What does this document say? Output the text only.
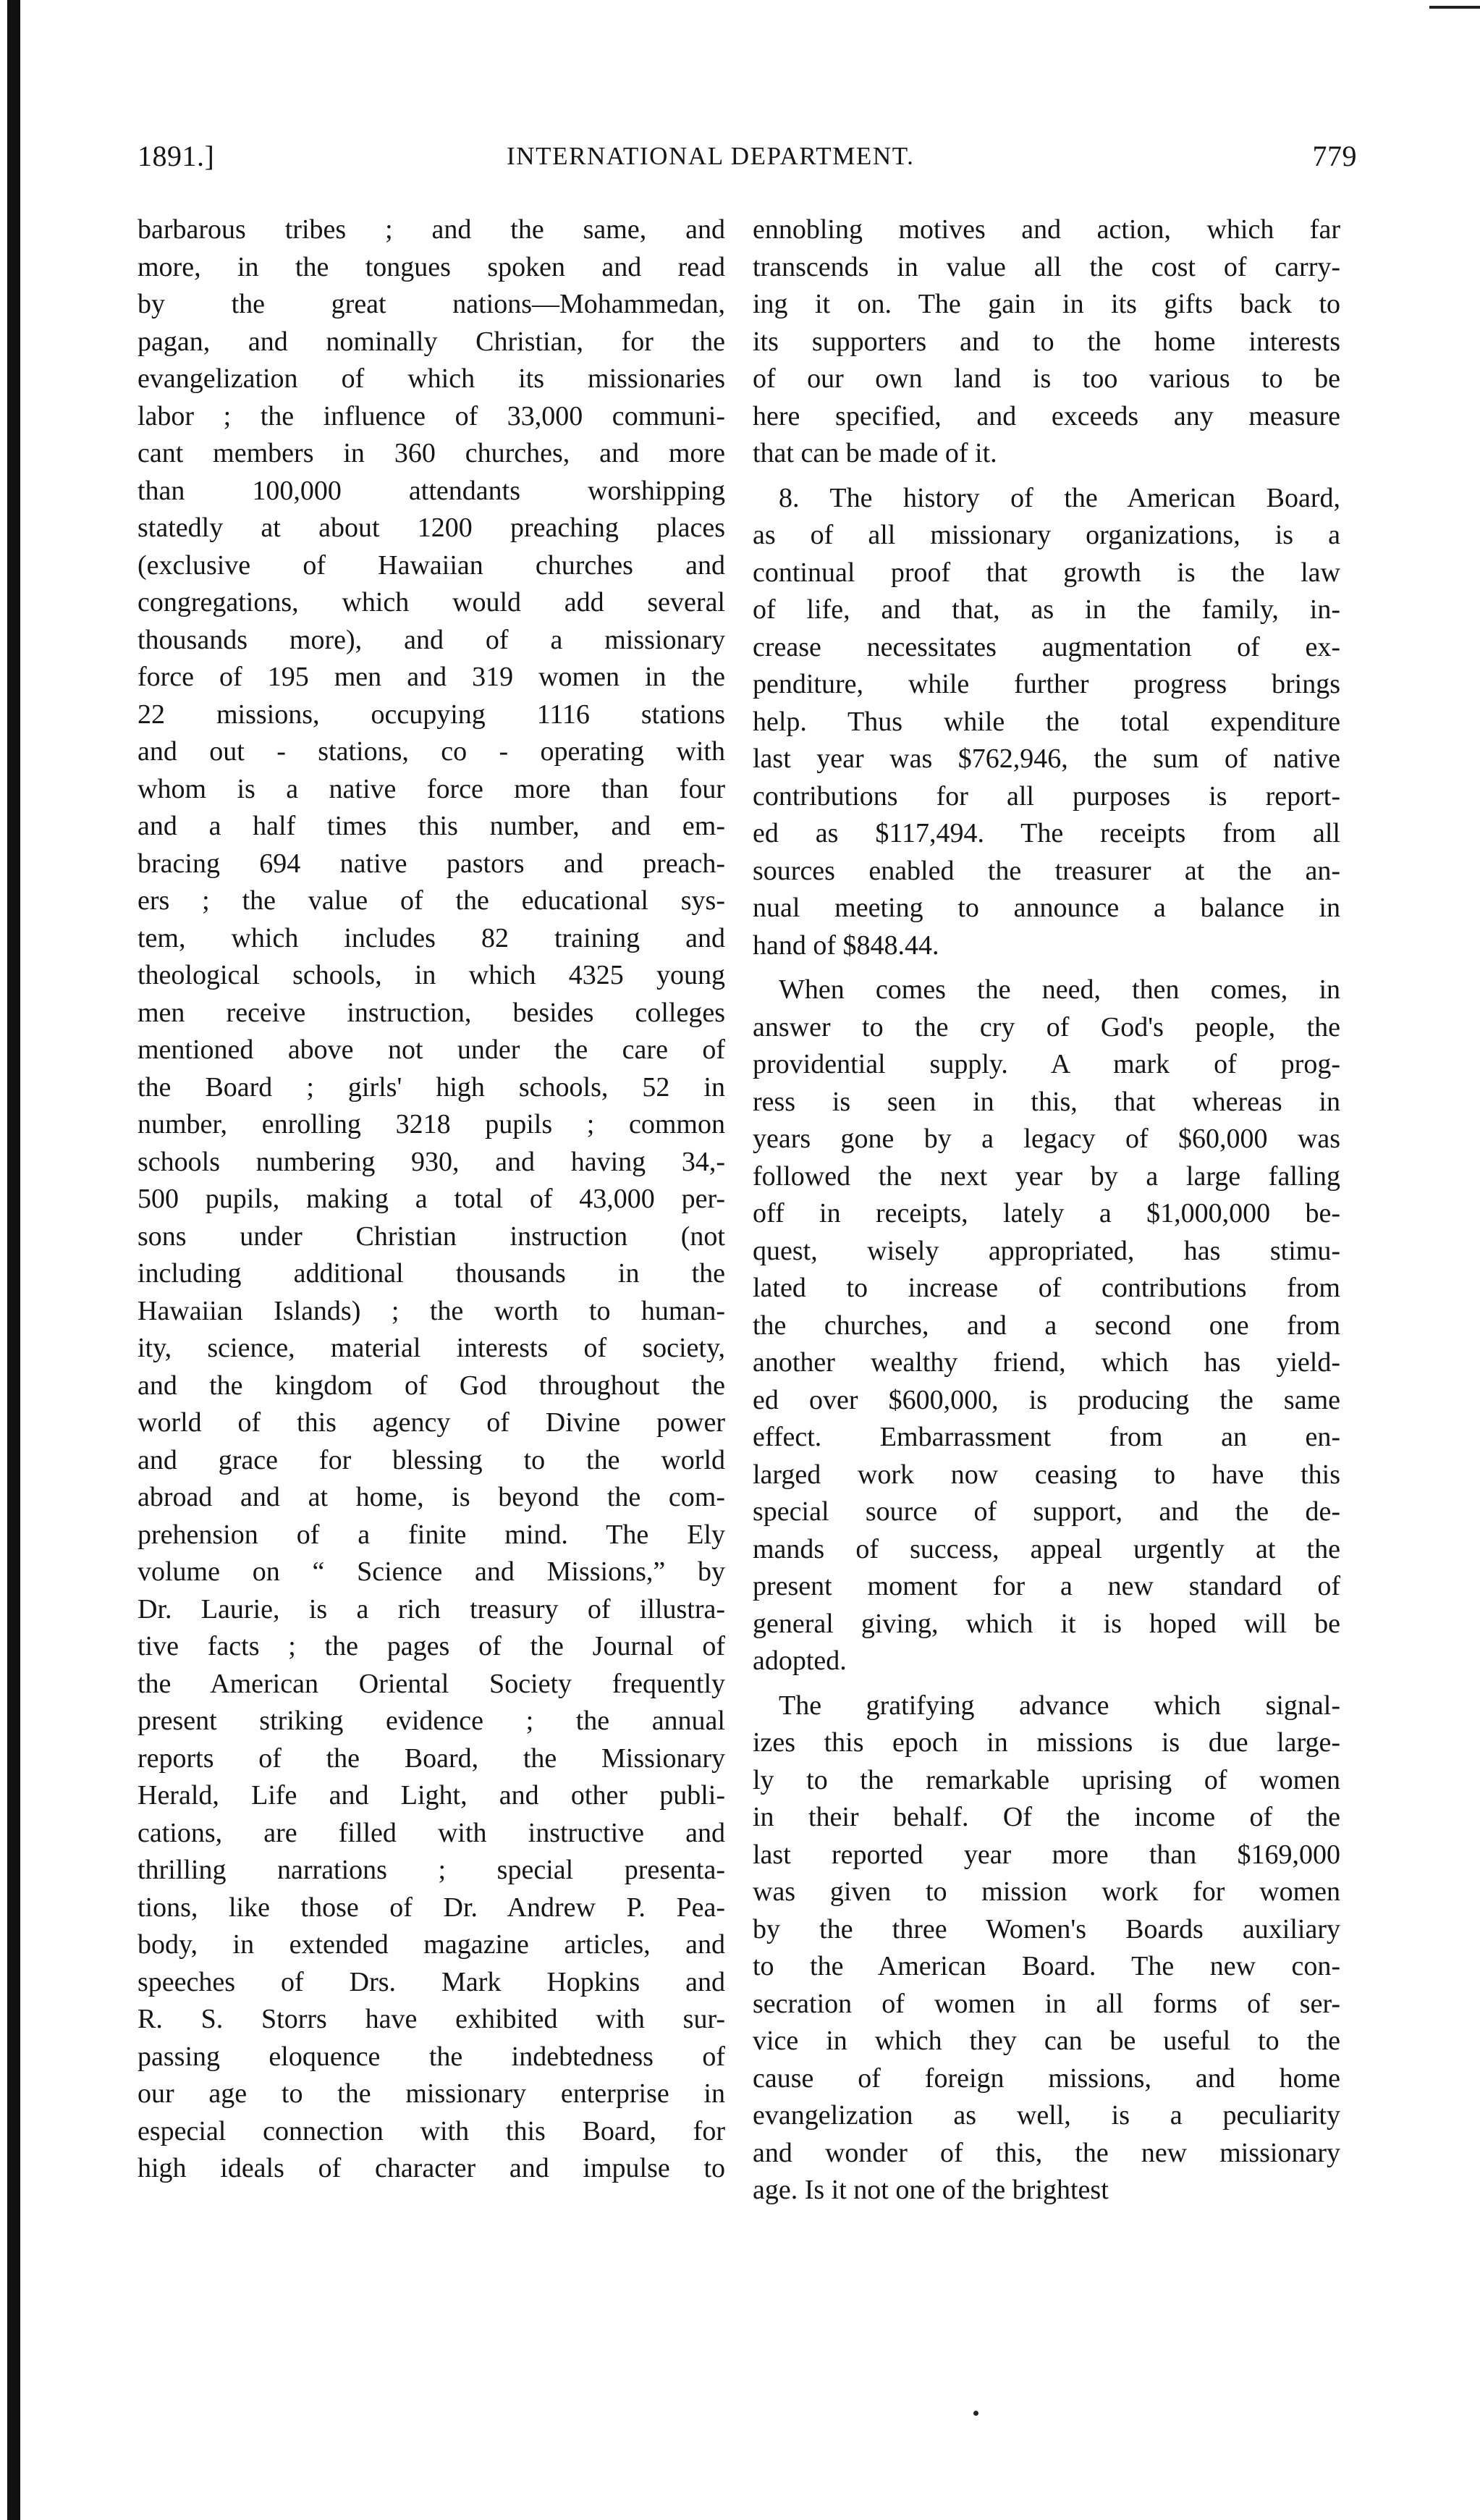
1891.]	INTERNATIONAL DEPARTMENT.	779
barbarous tribes ; and the same, and
more, in the tongues spoken and read
by the great nations—Mohammedan,
pagan, and nominally Christian, for the
evangelization of which its missionaries
labor ; the influence of 33,000 communi-
cant members in 360 churches, and more
than 100,000 attendants worshipping
statedly at about 1200 preaching places
(exclusive of Hawaiian churches and
congregations, which would add several
thousands more), and of a missionary
force of 195 men and 319 women in the
22 missions, occupying 1116 stations
and out - stations, co - operating with
whom is a native force more than four
and a half times this number, and em-
bracing 694 native pastors and preach-
ers ; the value of the educational sys-
tem, which includes 82 training and
theological schools, in which 4325 young
men receive instruction, besides colleges
mentioned above not under the care of
the Board ; girls' high schools, 52 in
number, enrolling 3218 pupils ; common
schools numbering 930, and having 34,-
500 pupils, making a total of 43,000 per-
sons under Christian instruction (not
including additional thousands in the
Hawaiian Islands) ; the worth to human-
ity, science, material interests of society,
and the kingdom of God throughout the
world of this agency of Divine power
and grace for blessing to the world
abroad and at home, is beyond the com-
prehension of a finite mind. The Ely
volume on “ Science and Missions,” by
Dr. Laurie, is a rich treasury of illustra-
tive facts ; the pages of the Journal of
the American Oriental Society frequently
present striking evidence ; the annual
reports of the Board, the Missionary
Herald, Life and Light, and other publi-
cations, are filled with instructive and
thrilling narrations ; special presenta-
tions, like those of Dr. Andrew P. Pea-
body, in extended magazine articles, and
speeches of Drs. Mark Hopkins and
R. S. Storrs have exhibited with sur-
passing eloquence the indebtedness of
our age to the missionary enterprise in
especial connection with this Board, for
high ideals of character and impulse to
ennobling motives and action, which far
transcends in value all the cost of carry-
ing it on. The gain in its gifts back to
its supporters and to the home interests
of our own land is too various to be
here specified, and exceeds any measure
that can be made of it.
8. The history of the American Board,
as of all missionary organizations, is a
continual proof that growth is the law
of life, and that, as in the family, in-
crease necessitates augmentation of ex-
penditure, while further progress brings
help. Thus while the total expenditure
last year was $762,946, the sum of native
contributions for all purposes is report-
ed as $117,494. The receipts from all
sources enabled the treasurer at the an-
nual meeting to announce a balance in
hand of $848.44.
When comes the need, then comes, in
answer to the cry of God's people, the
providential supply. A mark of prog-
ress is seen in this, that whereas in
years gone by a legacy of $60,000 was
followed the next year by a large falling
off in receipts, lately a $1,000,000 be-
quest, wisely appropriated, has stimu-
lated to increase of contributions from
the churches, and a second one from
another wealthy friend, which has yield-
ed over $600,000, is producing the same
effect. Embarrassment from an en-
larged work now ceasing to have this
special source of support, and the de-
mands of success, appeal urgently at the
present moment for a new standard of
general giving, which it is hoped will be
adopted.
The gratifying advance which signal-
izes this epoch in missions is due large-
ly to the remarkable uprising of women
in their behalf. Of the income of the
last reported year more than $169,000
was given to mission work for women
by the three Women's Boards auxiliary
to the American Board. The new con-
secration of women in all forms of ser-
vice in which they can be useful to the
cause of foreign missions, and home
evangelization as well, is a peculiarity
and wonder of this, the new missionary
age. Is it not one of the brightest
